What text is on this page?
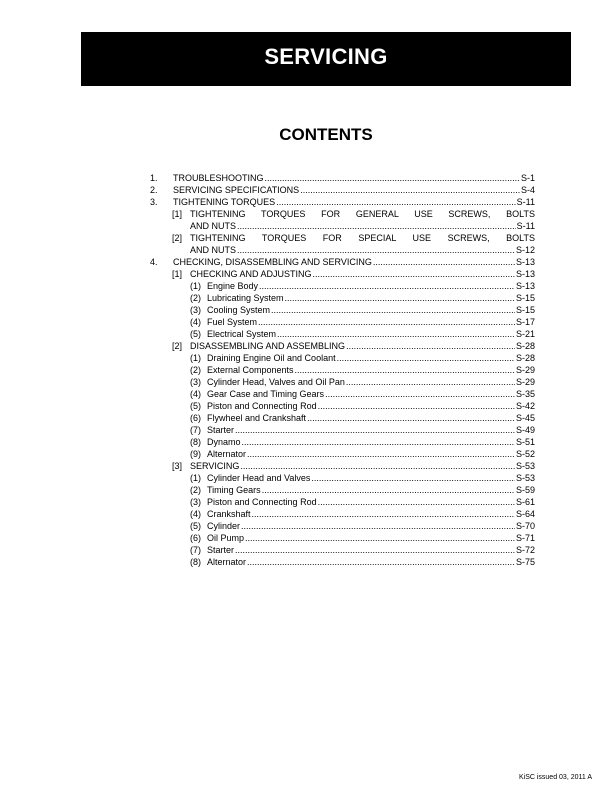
SERVICING
CONTENTS
1.	TROUBLESHOOTING .....	S-1
2.	SERVICING SPECIFICATIONS .....	S-4
3.	TIGHTENING TORQUES .....	S-11
[1] TIGHTENING TORQUES FOR GENERAL USE SCREWS, BOLTS
AND NUTS .....	S-11
[2] TIGHTENING TORQUES FOR SPECIAL USE SCREWS, BOLTS
AND NUTS .....	S-12
4.	CHECKING, DISASSEMBLING AND SERVICING .....	S-13
[1] CHECKING AND ADJUSTING .....	S-13
(1) Engine Body .....	S-13
(2) Lubricating System .....	S-15
(3) Cooling System .....	S-15
(4) Fuel System .....	S-17
(5) Electrical System .....	S-21
[2] DISASSEMBLING AND ASSEMBLING .....	S-28
(1) Draining Engine Oil and Coolant .....	S-28
(2) External Components .....	S-29
(3) Cylinder Head, Valves and Oil Pan .....	S-29
(4) Gear Case and Timing Gears .....	S-35
(5) Piston and Connecting Rod .....	S-42
(6) Flywheel and Crankshaft .....	S-45
(7) Starter .....	S-49
(8) Dynamo .....	S-51
(9) Alternator .....	S-52
[3] SERVICING .....	S-53
(1) Cylinder Head and Valves .....	S-53
(2) Timing Gears .....	S-59
(3) Piston and Connecting Rod .....	S-61
(4) Crankshaft .....	S-64
(5) Cylinder .....	S-70
(6) Oil Pump .....	S-71
(7) Starter .....	S-72
(8) Alternator .....	S-75
KiSC issued 03, 2011 A
